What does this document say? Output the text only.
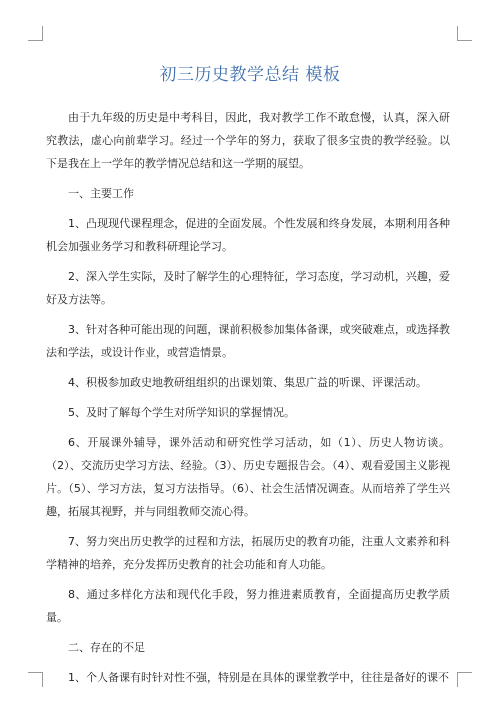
初三历史教学总结 模板

由于九年级的历史是中考科目，因此，我对教学工作不敢怠慢，认真，深入研究教法，虚心向前辈学习。经过一个学年的努力，获取了很多宝贵的教学经验。以下是我在上一学年的教学情况总结和这一学期的展望。

一、主要工作

1、凸现现代课程理念，促进的全面发展。个性发展和终身发展，本期利用各种机会加强业务学习和教科研理论学习。

2、深入学生实际，及时了解学生的心理特征，学习态度，学习动机，兴趣，爱好及方法等。

3、针对各种可能出现的问题，课前积极参加集体备课，或突破难点，或选择教法和学法，或设计作业，或营造情景。

4、积极参加政史地教研组组织的出课划策、集思广益的听课、评课活动。

5、及时了解每个学生对所学知识的掌握情况。

6、开展课外辅导，课外活动和研究性学习活动，如（1）、历史人物访谈。（2）、交流历史学习方法、经验。（3）、历史专题报告会。（4）、观看爱国主义影视片。（5）、学习方法，复习方法指导。（6）、社会生活情况调查。从而培养了学生兴趣，拓展其视野，并与同组教师交流心得。

7、努力突出历史教学的过程和方法，拓展历史的教育功能，注重人文素养和科学精神的培养，充分发挥历史教育的社会功能和育人功能。

8、通过多样化方法和现代化手段，努力推进素质教育，全面提高历史教学质量。

二、存在的不足

1、个人备课有时针对性不强，特别是在具体的课堂教学中，往往是备好的课不
